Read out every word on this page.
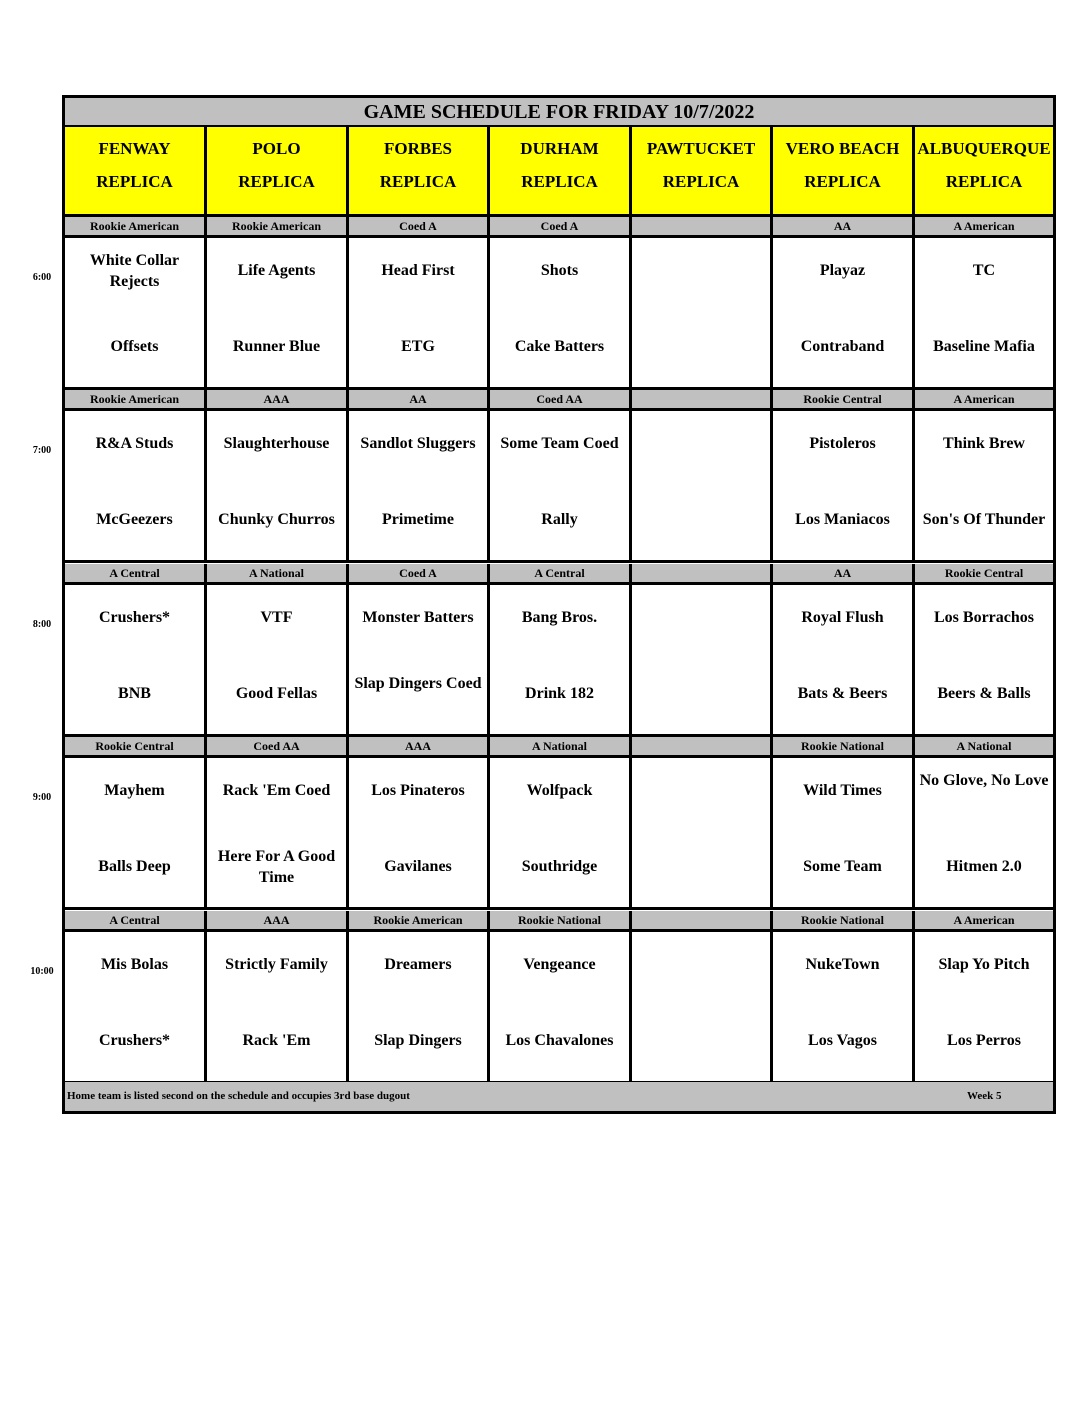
GAME SCHEDULE FOR FRIDAY 10/7/2022
FENWAY
REPLICA
POLO
REPLICA
FORBES
REPLICA
DURHAM
REPLICA
PAWTUCKET
REPLICA
VERO BEACH
REPLICA
ALBUQUERQUE
REPLICA
Rookie American
White Collar Rejects
Offsets
Rookie American
Life Agents
Runner Blue
Coed A
Head First
ETG
Coed A
Shots
Cake Batters
AA
Playaz
Contraband
A American
TC
Baseline Mafia
Rookie American
R&A Studs
McGeezers
AAA
Slaughterhouse
Chunky Churros
AA
Sandlot Sluggers
Primetime
Coed AA
Some Team Coed
Rally
Rookie Central
Pistoleros
Los Maniacos
A American
Think Brew
Son's Of Thunder
A Central
Crushers*
BNB
A National
VTF
Good Fellas
Coed A
Monster Batters
Slap Dingers Coed
A Central
Bang Bros.
Drink 182
AA
Royal Flush
Bats & Beers
Rookie Central
Los Borrachos
Beers & Balls
Rookie Central
Mayhem
Balls Deep
Coed AA
Rack 'Em Coed
Here For A Good Time
AAA
Los Pinateros
Gavilanes
A National
Wolfpack
Southridge
Rookie National
Wild Times
Some Team
A National
No Glove, No Love
Hitmen 2.0
A Central
Mis Bolas
Crushers*
AAA
Strictly Family
Rack 'Em
Rookie American
Dreamers
Slap Dingers
Rookie National
Vengeance
Los Chavalones
Rookie National
NukeTown
Los Vagos
A American
Slap Yo Pitch
Los Perros
Home team is listed second on the schedule and occupies 3rd base dugout	Week 5
6:00
7:00
8:00
9:00
10:00
